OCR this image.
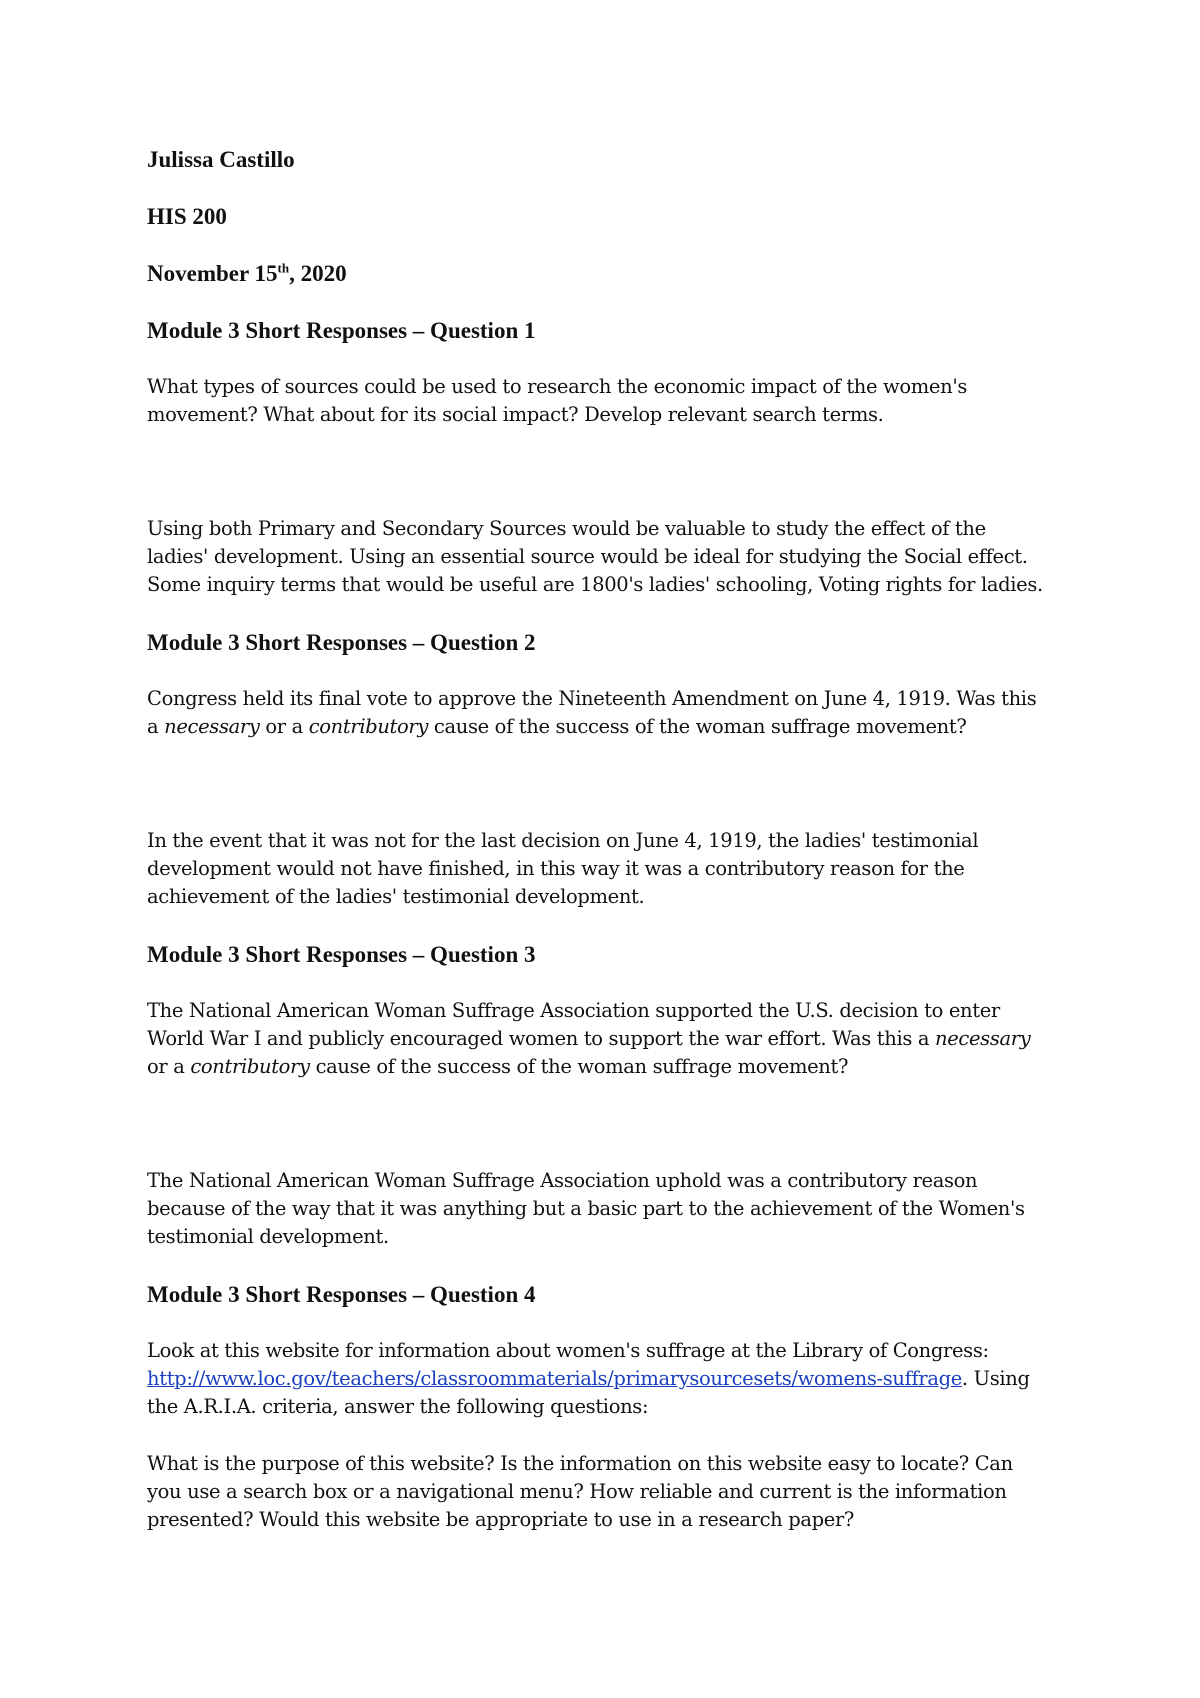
Julissa Castillo

HIS 200

November 15th, 2020

Module 3 Short Responses – Question 1

What types of sources could be used to research the economic impact of the women's

movement? What about for its social impact? Develop relevant search terms.

Using both Primary and Secondary Sources would be valuable to study the effect of the

ladies' development. Using an essential source would be ideal for studying the Social effect.

Some inquiry terms that would be useful are 1800's ladies' schooling, Voting rights for ladies.

Module 3 Short Responses – Question 2

Congress held its final vote to approve the Nineteenth Amendment on June 4, 1919. Was this

a necessary or a contributory cause of the success of the woman suffrage movement?

In the event that it was not for the last decision on June 4, 1919, the ladies' testimonial

development would not have finished, in this way it was a contributory reason for the

achievement of the ladies' testimonial development.

Module 3 Short Responses – Question 3

The National American Woman Suffrage Association supported the U.S. decision to enter

World War I and publicly encouraged women to support the war effort. Was this a necessary

or a contributory cause of the success of the woman suffrage movement?

The National American Woman Suffrage Association uphold was a contributory reason

because of the way that it was anything but a basic part to the achievement of the Women's

testimonial development.

Module 3 Short Responses – Question 4

Look at this website for information about women's suffrage at the Library of Congress:

http://www.loc.gov/teachers/classroommaterials/primarysourcesets/womens-suffrage. Using

the A.R.I.A. criteria, answer the following questions:

What is the purpose of this website? Is the information on this website easy to locate? Can

you use a search box or a navigational menu? How reliable and current is the information

presented? Would this website be appropriate to use in a research paper?
